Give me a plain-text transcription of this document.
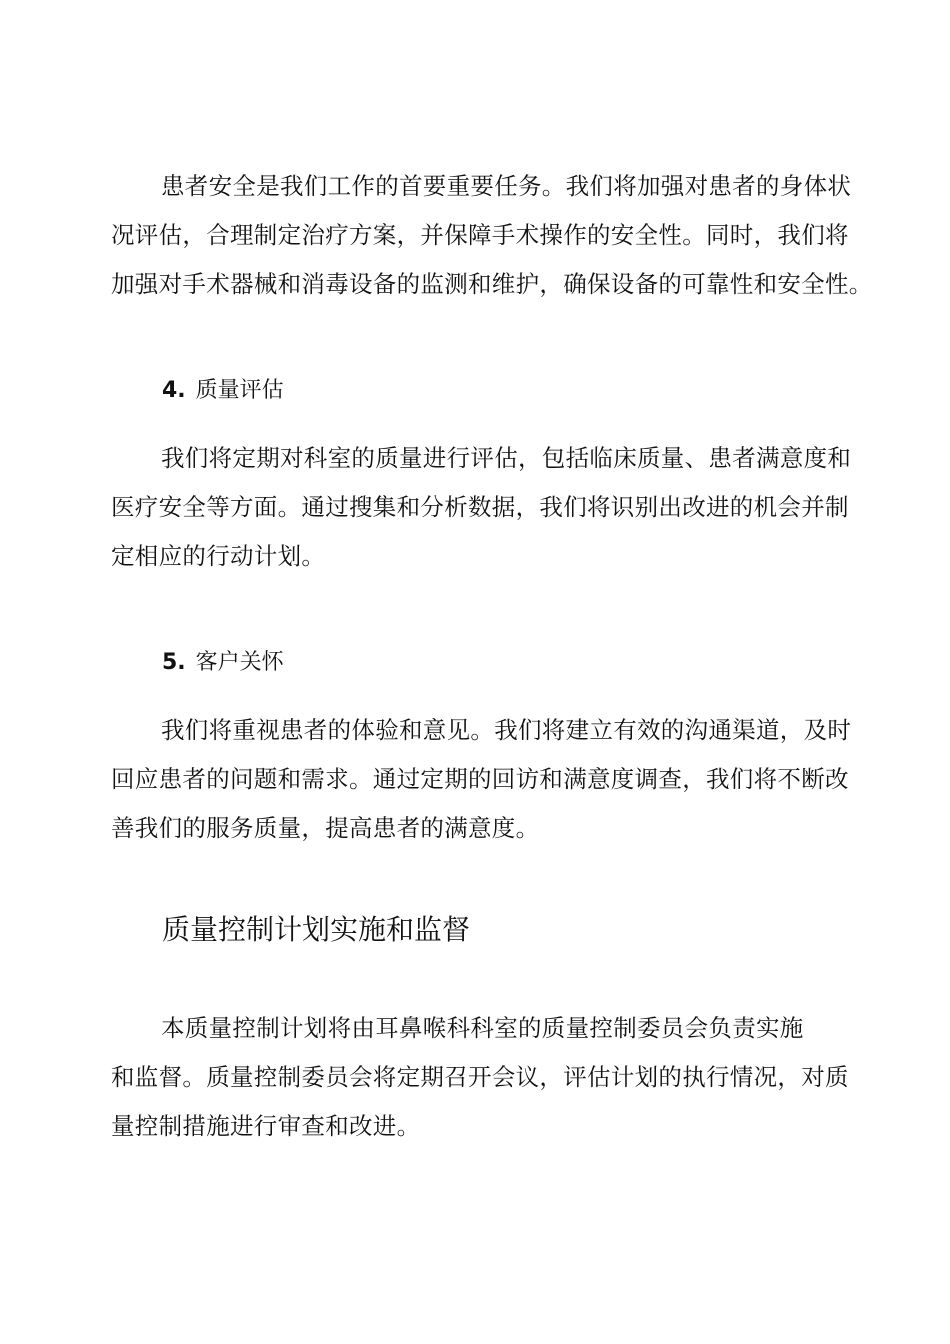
患者安全是我们工作的首要重要任务。我们将加强对患者的身体状
况评估，合理制定治疗方案，并保障手术操作的安全性。同时，我们将
加强对手术器械和消毒设备的监测和维护，确保设备的可靠性和安全性。

4. 质量评估

我们将定期对科室的质量进行评估，包括临床质量、患者满意度和
医疗安全等方面。通过搜集和分析数据，我们将识别出改进的机会并制
定相应的行动计划。

5. 客户关怀

我们将重视患者的体验和意见。我们将建立有效的沟通渠道，及时
回应患者的问题和需求。通过定期的回访和满意度调查，我们将不断改
善我们的服务质量，提高患者的满意度。

质量控制计划实施和监督

本质量控制计划将由耳鼻喉科科室的质量控制委员会负责实施
和监督。质量控制委员会将定期召开会议，评估计划的执行情况，对质
量控制措施进行审查和改进。
